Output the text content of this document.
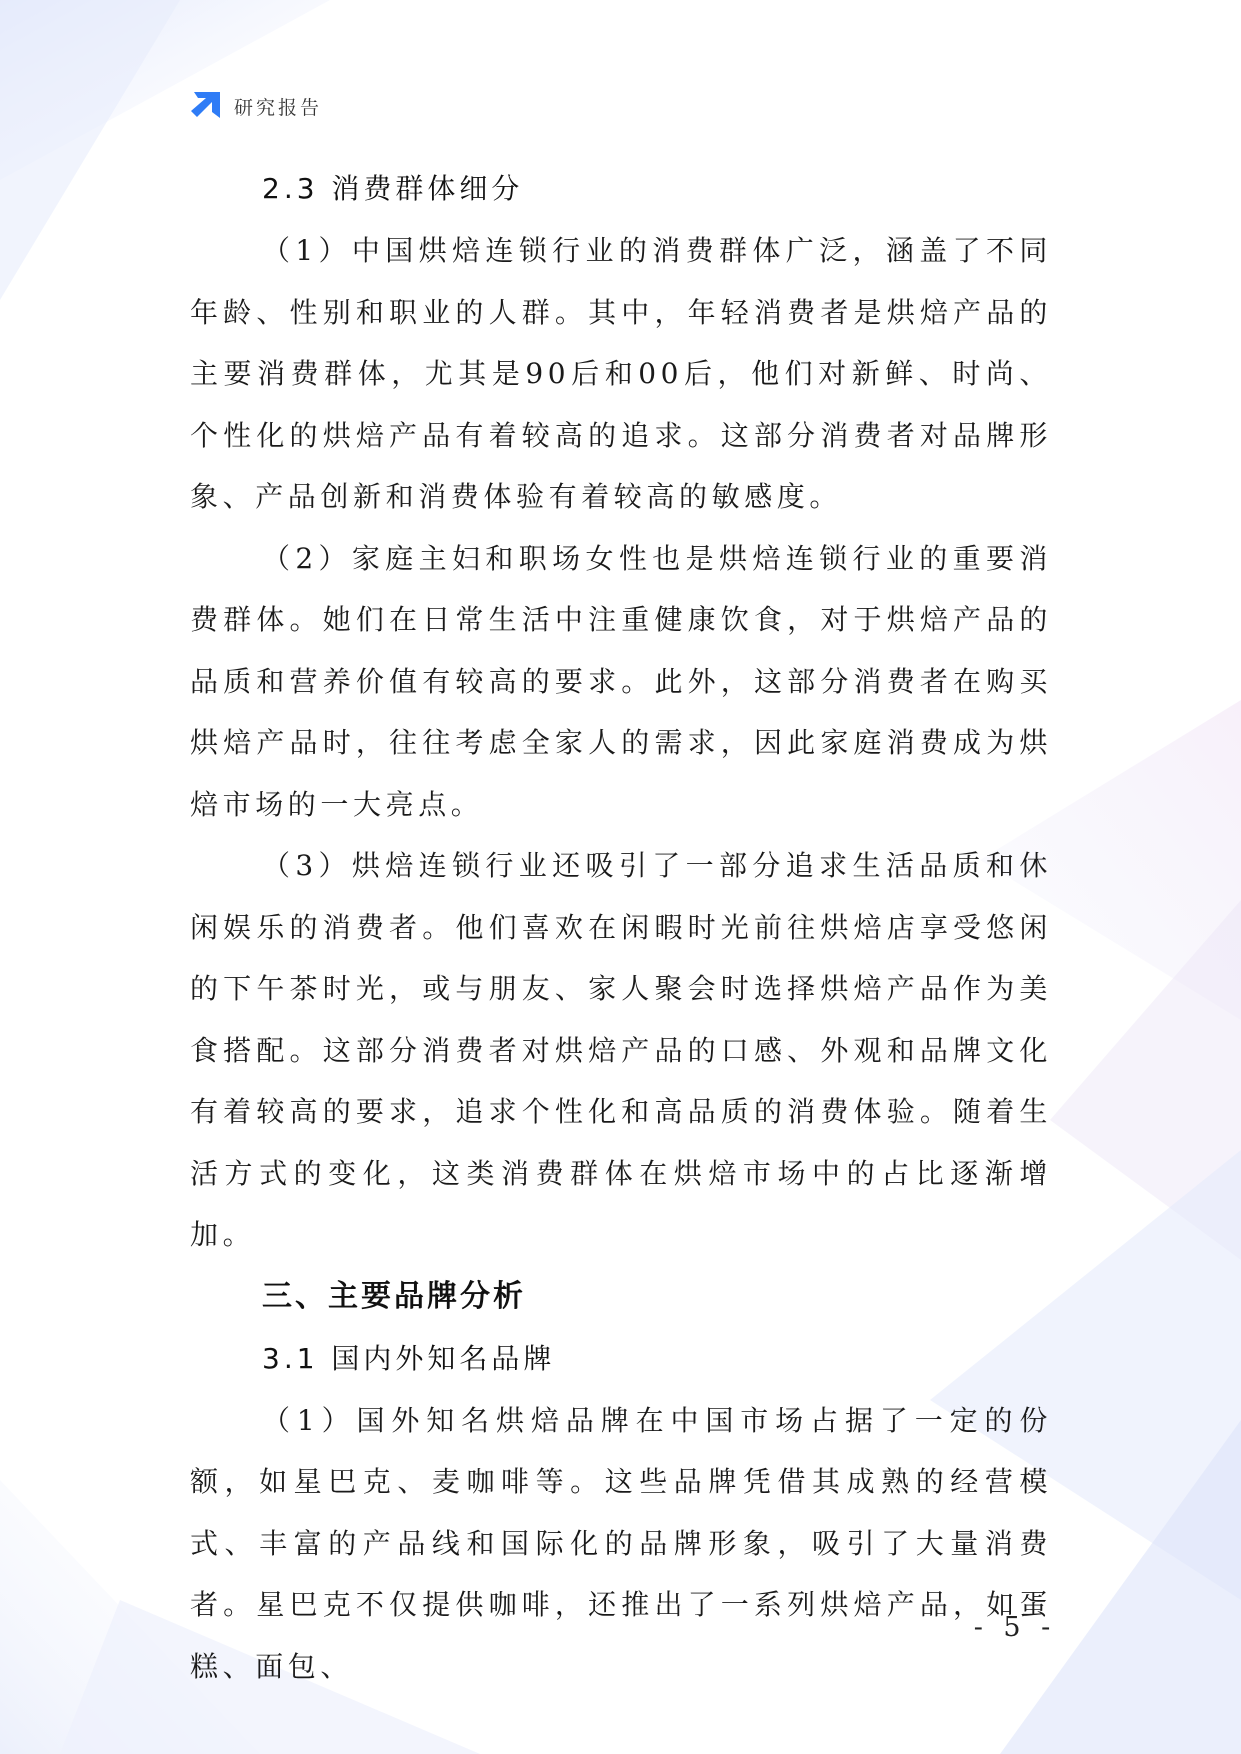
研究报告
2.3 消费群体细分

（1）中国烘焙连锁行业的消费群体广泛，涵盖了不同年龄、性别和职业的人群。其中，年轻消费者是烘焙产品的主要消费群体，尤其是90后和00后，他们对新鲜、时尚、个性化的烘焙产品有着较高的追求。这部分消费者对品牌形象、产品创新和消费体验有着较高的敏感度。

（2）家庭主妇和职场女性也是烘焙连锁行业的重要消费群体。她们在日常生活中注重健康饮食，对于烘焙产品的品质和营养价值有较高的要求。此外，这部分消费者在购买烘焙产品时，往往考虑全家人的需求，因此家庭消费成为烘焙市场的一大亮点。

（3）烘焙连锁行业还吸引了一部分追求生活品质和休闲娱乐的消费者。他们喜欢在闲暇时光前往烘焙店享受悠闲的下午茶时光，或与朋友、家人聚会时选择烘焙产品作为美食搭配。这部分消费者对烘焙产品的口感、外观和品牌文化有着较高的要求，追求个性化和高品质的消费体验。随着生活方式的变化，这类消费群体在烘焙市场中的占比逐渐增加。

三、主要品牌分析
3.1 国内外知名品牌

（1）国外知名烘焙品牌在中国市场占据了一定的份额，如星巴克、麦咖啡等。这些品牌凭借其成熟的经营模式、丰富的产品线和国际化的品牌形象，吸引了大量消费者。星巴克不仅提供咖啡，还推出了一系列烘焙产品，如蛋糕、面包、

- 5 -
